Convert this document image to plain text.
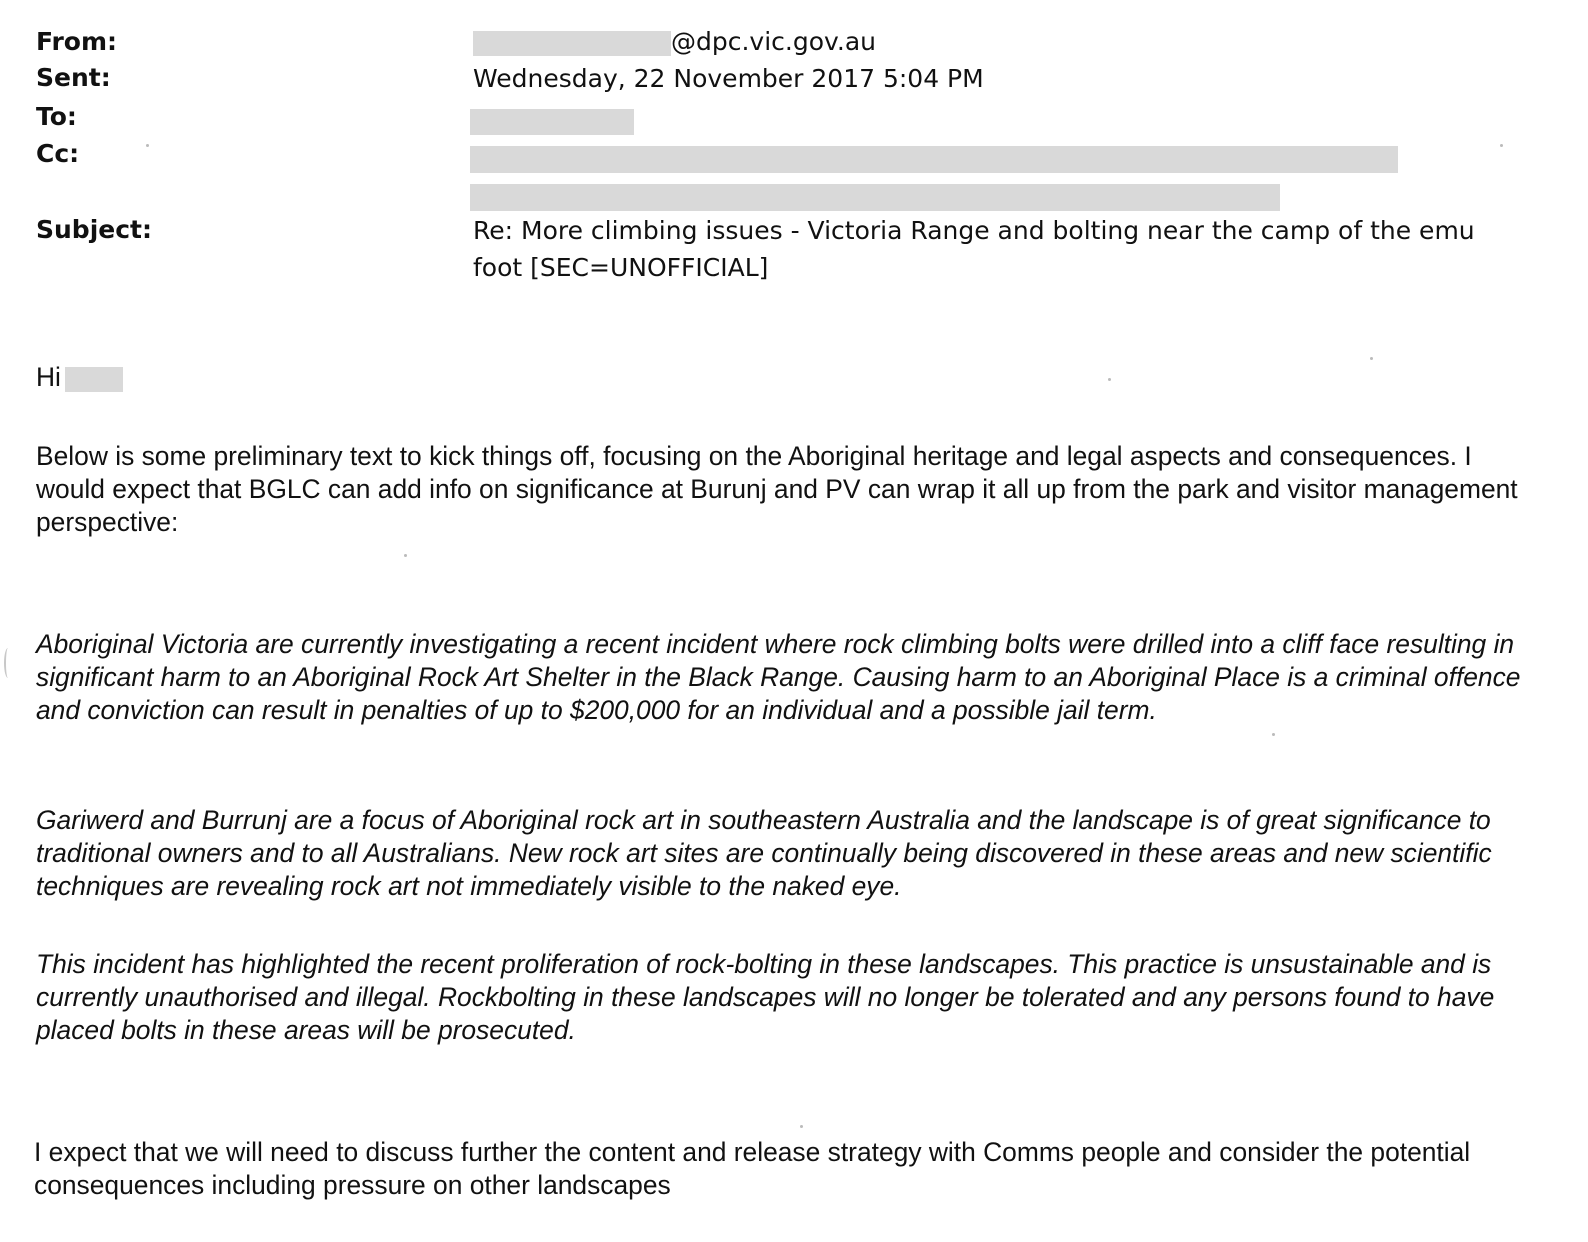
From:	@dpc.vic.gov.au
Sent:	Wednesday, 22 November 2017 5:04 PM
To:
Cc:
Subject:	Re: More climbing issues - Victoria Range and bolting near the camp of the emu
foot [SEC=UNOFFICIAL]
Hi

Below is some preliminary text to kick things off, focusing on the Aboriginal heritage and legal aspects and consequences. I would expect that BGLC can add info on significance at Burunj and PV can wrap it all up from the park and visitor management perspective:

Aboriginal Victoria are currently investigating a recent incident where rock climbing bolts were drilled into a cliff face resulting in significant harm to an Aboriginal Rock Art Shelter in the Black Range. Causing harm to an Aboriginal Place is a criminal offence and conviction can result in penalties of up to $200,000 for an individual and a possible jail term.

Gariwerd and Burrunj are a focus of Aboriginal rock art in southeastern Australia and the landscape is of great significance to traditional owners and to all Australians. New rock art sites are continually being discovered in these areas and new scientific techniques are revealing rock art not immediately visible to the naked eye.

This incident has highlighted the recent proliferation of rock-bolting in these landscapes. This practice is unsustainable and is currently unauthorised and illegal. Rockbolting in these landscapes will no longer be tolerated and any persons found to have placed bolts in these areas will be prosecuted.

I expect that we will need to discuss further the content and release strategy with Comms people and consider the potential consequences including pressure on other landscapes
